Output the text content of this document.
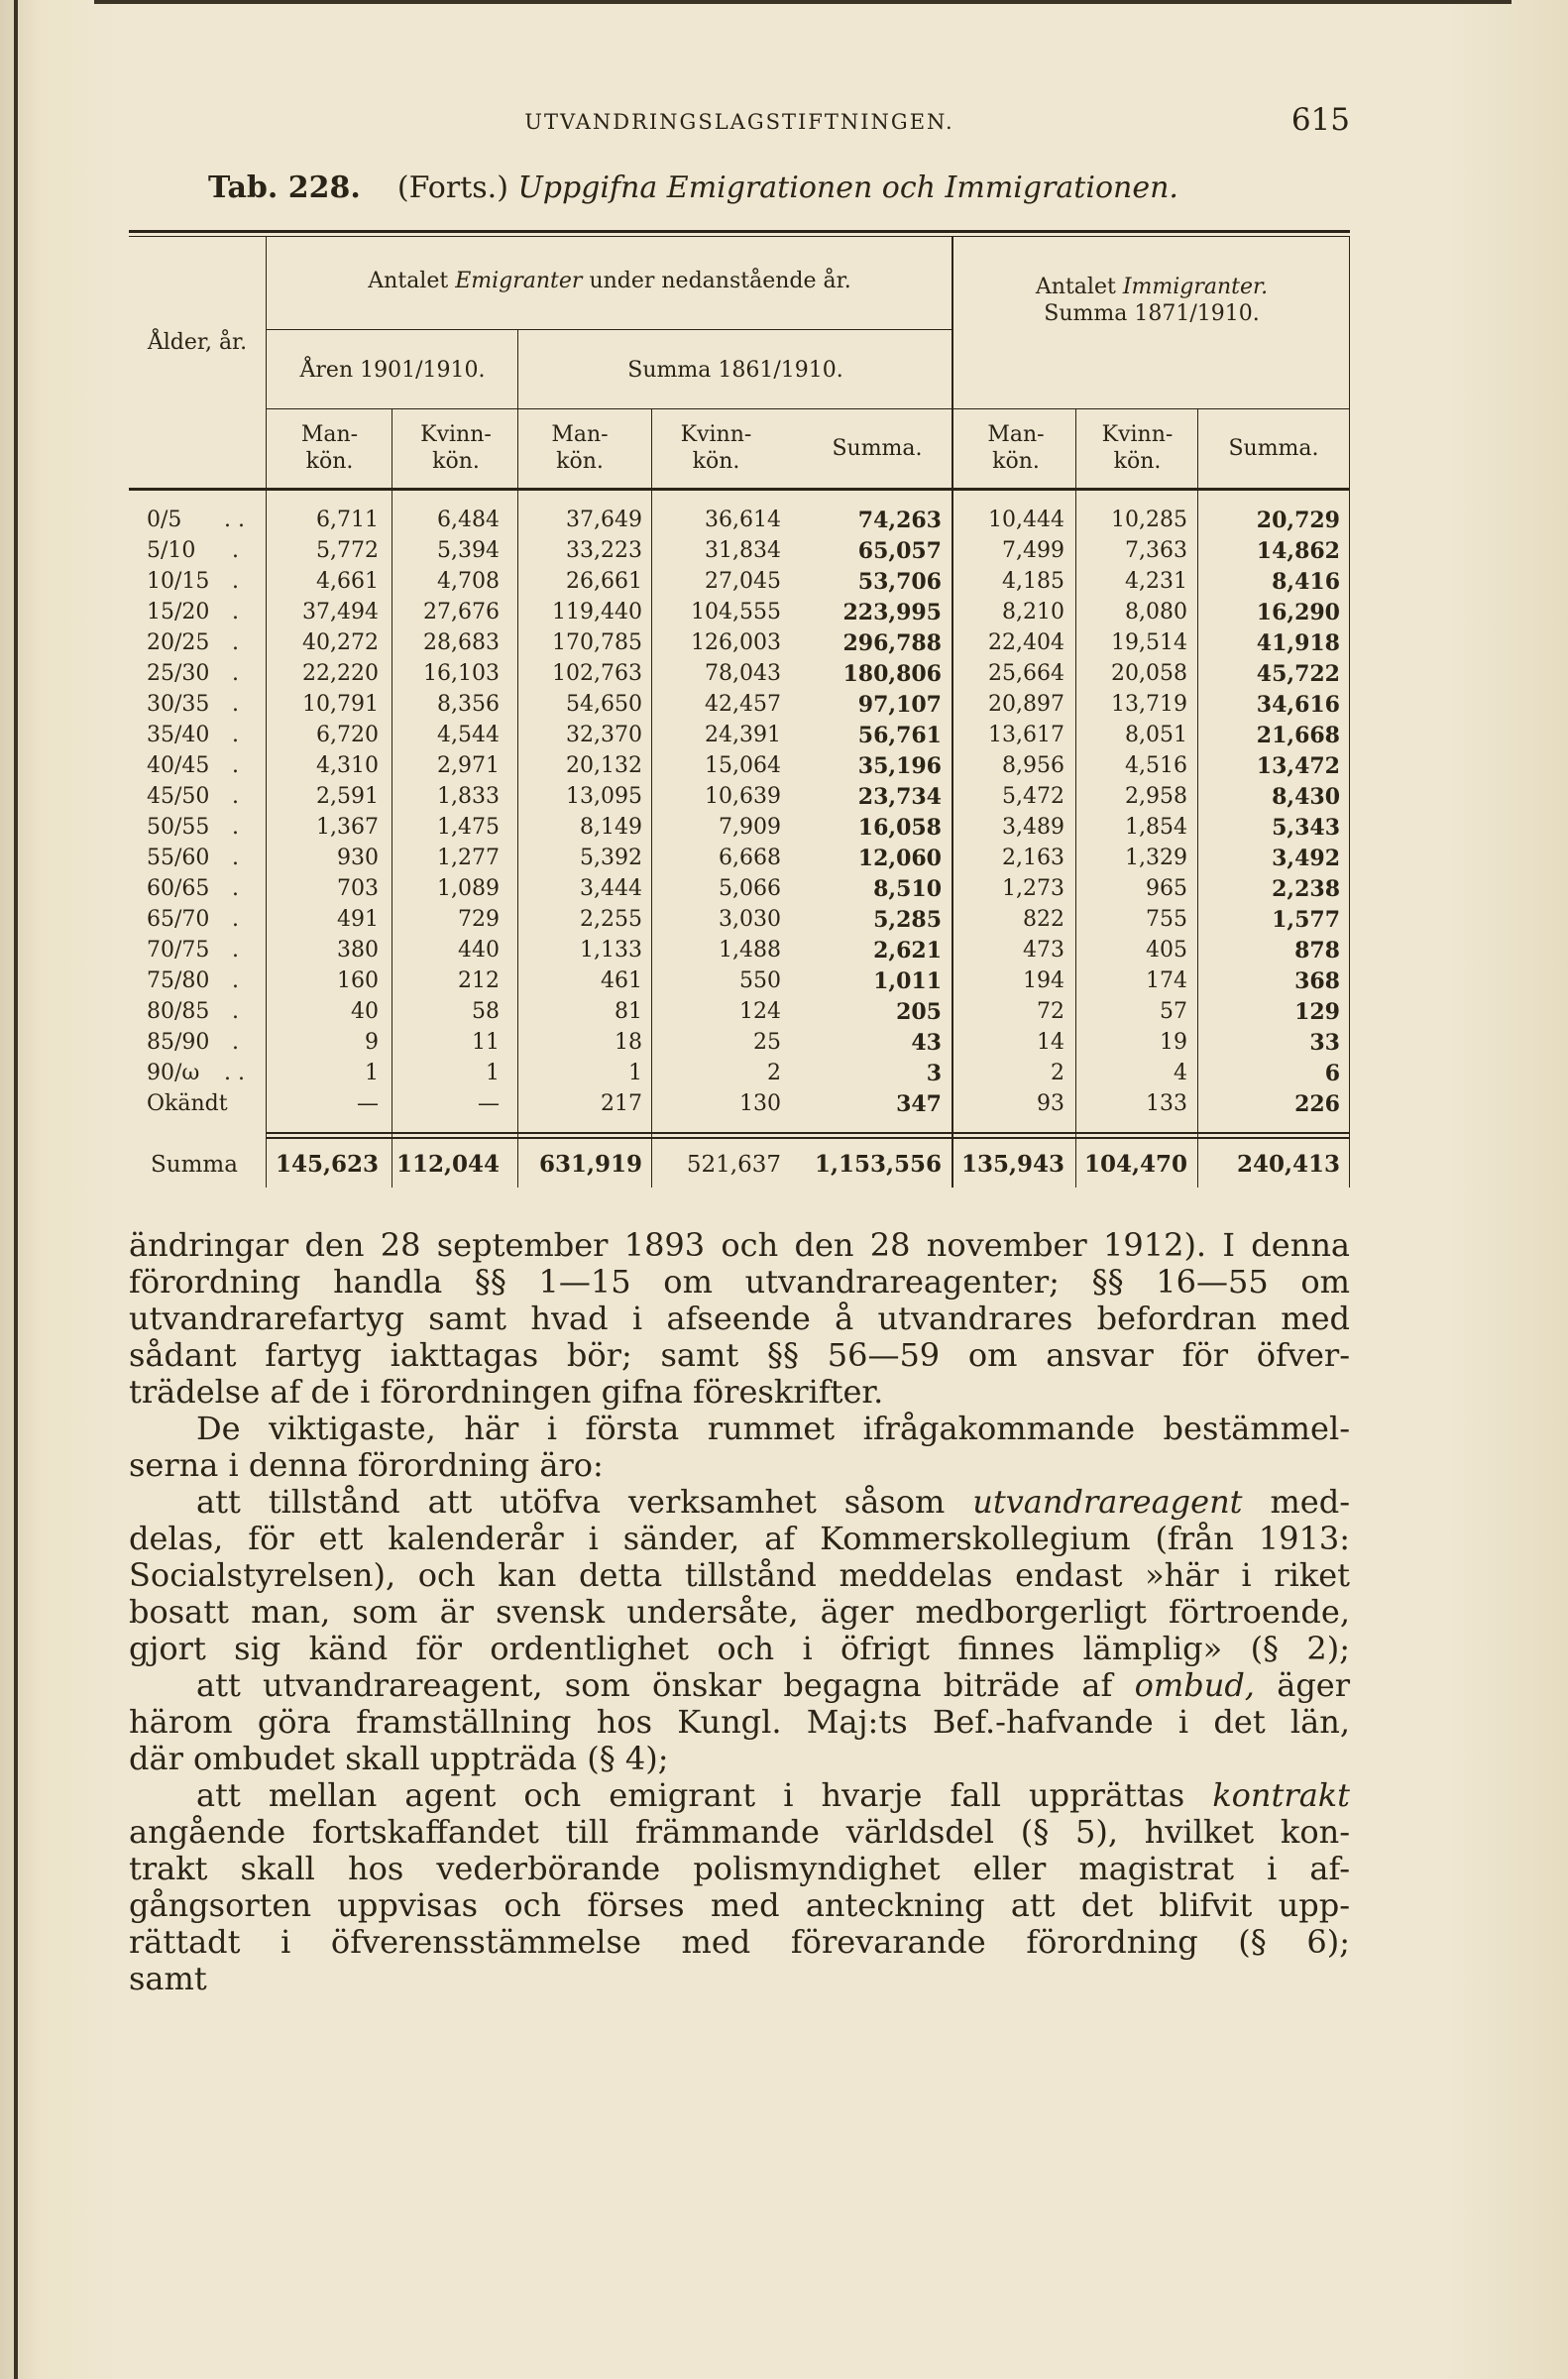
UTVANDRINGSLAGSTIFTNINGEN.	615
Tab. 228. (Forts.) Uppgifna Emigrationen och Immigrationen.
Ålder, år.
Antalet Emigranter under nedanstående år.
Åren 1901/1910.	Summa 1861/1910.
Antalet Immigranter.
Summa 1871/1910.
Man-kön.
Kvinn-kön.
Man-kön.
Kvinn-kön.
Summa.
Man-kön.
Kvinn-kön.
Summa.
0/5	. .	6,711	6,484	37,649	36,614	74,263 10,444 10,285	20,729
5/10	.	5,772	5,394	33,223	31,834	65,057	7,499	7,363	14,862
10/15	.	4,661	4,708	26,661	27,045	53,706	4,185	4,231	8,416
15/20	.	37,494 27,676 119,440 104,555	223,995	8,210	8,080	16,290
20/25	.	40,272 28,683 170,785 126,003	296,788 22,404 19,514	41,918
25/30	.	22,220 16,103 102,763	78,043	180,806 25,664 20,058	45,722
30/35	.	10,791	8,356	54,650	42,457	97,107 20,897 13,719	34,616
35/40	.	6,720	4,544	32,370	24,391	56,761 13,617	8,051	21,668
40/45	.	4,310	2,971	20,132	15,064	35,196	8,956	4,516	13,472
45/50	.	2,591	1,833	13,095	10,639	23,734	5,472	2,958	8,430
50/55	.	1,367	1,475	8,149	7,909	16,058	3,489	1,854	5,343
55/60	.	930	1,277	5,392	6,668	12,060	2,163	1,329	3,492
60/65	.	703	1,089	3,444	5,066	8,510	1,273	965	2,238
65/70	.	491	729	2,255	3,030	5,285	822	755	1,577
70/75	.	380	440	1,133	1,488	2,621	473	405	878
75/80	.	160	212	461	550	1,011	194	174	368
80/85	.	40	58	81	124	205	72	57	129
85/90	.	9	11	18	25	43	14	19	33
90/ω	. .	1	1	1	2	3	2	4	6
Okändt	—	—	217	130	347	93	133	226
Summa	145,623 112,044 631,919 521,637 1,153,556 135,943 104,470 240,413

ändringar den 28 september 1893 och den 28 november 1912). I denna
förordning handla §§ 1—15 om utvandrareagenter; §§ 16—55 om
utvandrarefartyg samt hvad i afseende å utvandrares befordran med
sådant fartyg iakttagas bör; samt §§ 56—59 om ansvar för öfver-
trädelse af de i förordningen gifna föreskrifter.

De viktigaste, här i första rummet ifrågakommande bestämmel-
serna i denna förordning äro:

att tillstånd att utöfva verksamhet såsom utvandrareagent med-
delas, för ett kalenderår i sänder, af Kommerskollegium (från 1913:
Socialstyrelsen), och kan detta tillstånd meddelas endast »här i riket
bosatt man, som är svensk undersåte, äger medborgerligt förtroende,
gjort sig känd för ordentlighet och i öfrigt finnes lämplig» (§ 2);

att utvandrareagent, som önskar begagna biträde af ombud, äger
härom göra framställning hos Kungl. Maj:ts Bef.-hafvande i det län,
där ombudet skall uppträda (§ 4);

att mellan agent och emigrant i hvarje fall upprättas kontrakt
angående fortskaffandet till främmande världsdel (§ 5), hvilket kon-
trakt skall hos vederbörande polismyndighet eller magistrat i af-
gångsorten uppvisas och förses med anteckning att det blifvit upp-
rättadt i öfverensstämmelse med förevarande förordning (§ 6);
samt
